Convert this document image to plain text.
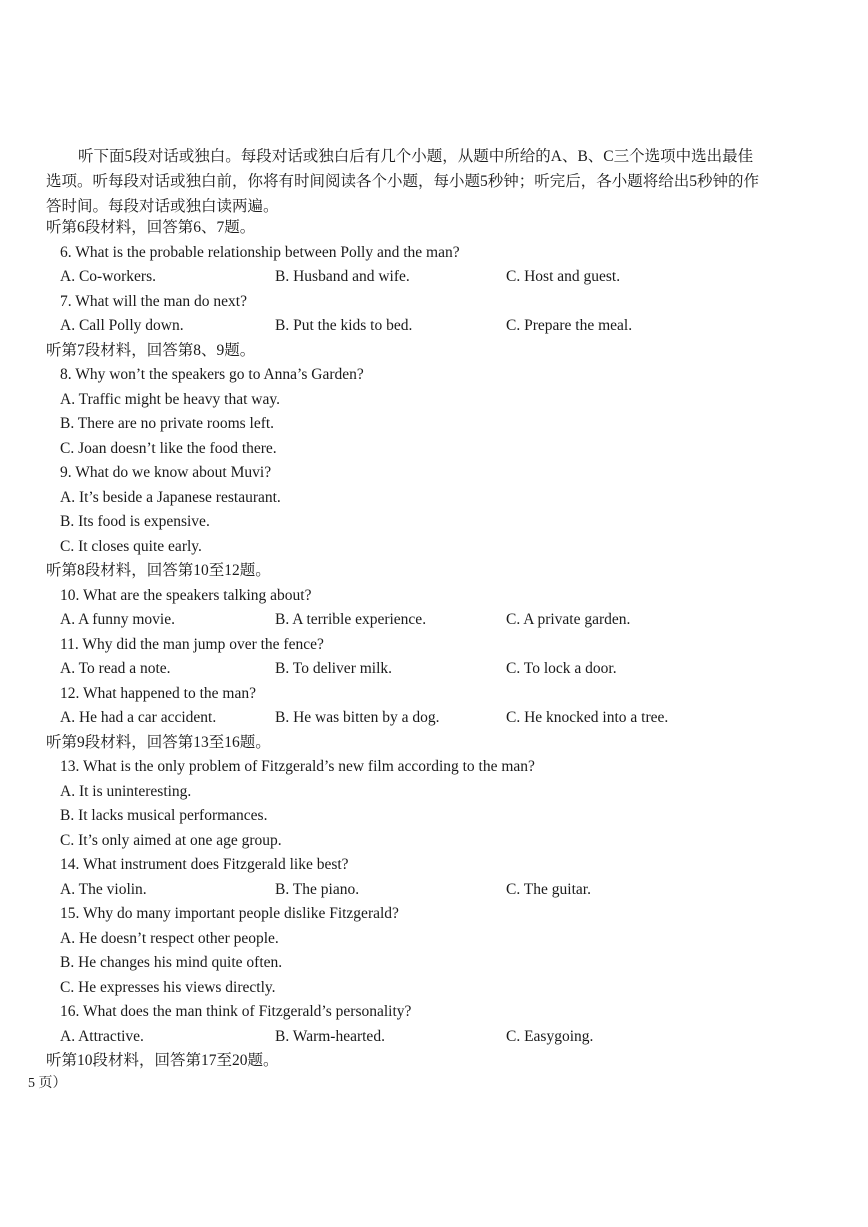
听下面5段对话或独白。每段对话或独白后有几个小题，从题中所给的A、B、C三个选项中选出最佳选项。听每段对话或独白前，你将有时间阅读各个小题，每小题5秒钟；听完后，各小题将给出5秒钟的作答时间。每段对话或独白读两遍。
听第6段材料，回答第6、7题。
6. What is the probable relationship between Polly and the man?
A. Co-workers.	B. Husband and wife.	C. Host and guest.
7. What will the man do next?
A. Call Polly down.	B. Put the kids to bed.	C. Prepare the meal.
听第7段材料，回答第8、9题。
8. Why won’t the speakers go to Anna’s Garden?
A. Traffic might be heavy that way.
B. There are no private rooms left.
C. Joan doesn’t like the food there.
9. What do we know about Muvi?
A. It’s beside a Japanese restaurant.
B. Its food is expensive.
C. It closes quite early.
听第8段材料，回答第10至12题。
10. What are the speakers talking about?
A. A funny movie.	B. A terrible experience.	C. A private garden.
11. Why did the man jump over the fence?
A. To read a note.	B. To deliver milk.	C. To lock a door.
12. What happened to the man?
A. He had a car accident.	B. He was bitten by a dog.	C. He knocked into a tree.
听第9段材料，回答第13至16题。
13. What is the only problem of Fitzgerald’s new film according to the man?
A. It is uninteresting.
B. It lacks musical performances.
C. It’s only aimed at one age group.
14. What instrument does Fitzgerald like best?
A. The violin.	B. The piano.	C. The guitar.
15. Why do many important people dislike Fitzgerald?
A. He doesn’t respect other people.
B. He changes his mind quite often.
C. He expresses his views directly.
16. What does the man think of Fitzgerald’s personality?
A. Attractive.	B. Warm-hearted.	C. Easygoing.
听第10段材料，回答第17至20题。
5 页）
